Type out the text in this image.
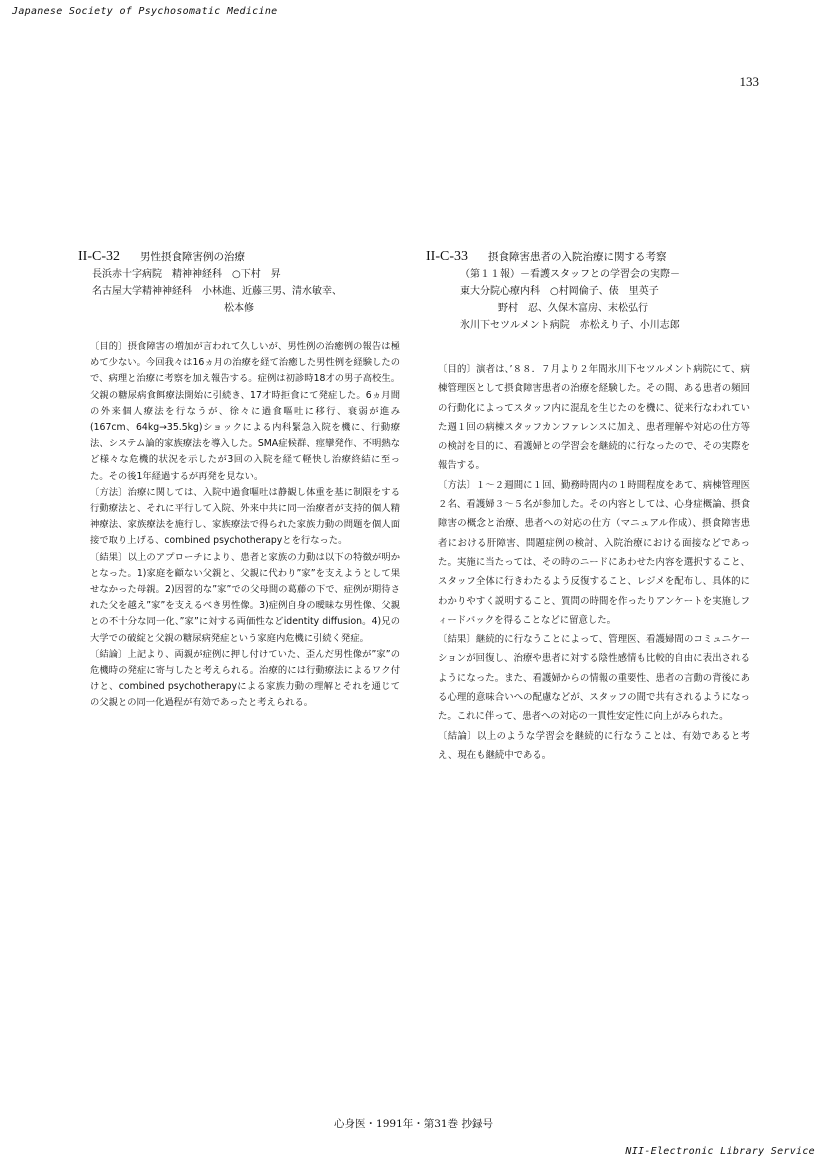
Japanese Society of Psychosomatic Medicine
133
II-C-32 男性摂食障害例の治療
長浜赤十字病院　精神神経科　○下村　昇
名古屋大学精神神経科　小林進、近藤三男、清水敏幸、
松本修

〔目的〕摂食障害の増加が言われて久しいが、男性例の治癒例の報告は極めて少ない。今回我々は16ヵ月の治療を経て治癒した男性例を経験したので、病理と治療に考察を加え報告する。症例は初診時18才の男子高校生。父親の糖尿病食餌療法開始に引続き、17才時拒食にて発症した。6ヵ月間の外来個人療法を行なうが、徐々に過食嘔吐に移行、衰弱が進み(167cm、64kg→35.5kg)ショックによる内科緊急入院を機に、行動療法、システム論的家族療法を導入した。SMA症候群、痙攣発作、不明熱など様々な危機的状況を示したが3回の入院を経て軽快し治療終結に至った。その後1年経過するが再発を見ない。

〔方法〕治療に関しては、入院中過食嘔吐は静観し体重を基に制限をする行動療法と、それに平行して入院、外来中共に同一治療者が支持的個人精神療法、家族療法を施行し、家族療法で得られた家族力動の問題を個人面接で取り上げる、combined psychotherapyとを行なった。

〔結果〕以上のアプローチにより、患者と家族の力動は以下の特徴が明かとなった。1)家庭を顧ない父親と、父親に代わり”家”を支えようとして果せなかった母親。2)因習的な”家”での父母間の葛藤の下で、症例が期待された父を越え”家”を支えるべき男性像。3)症例自身の曖昧な男性像、父親との不十分な同一化、”家”に対する両価性などidentity diffusion。4)兄の大学での破綻と父親の糖尿病発症という家庭内危機に引続く発症。

〔結論〕上記より、両親が症例に押し付けていた、歪んだ男性像が”家”の危機時の発症に寄与したと考えられる。治療的には行動療法によるワク付けと、combined psychotherapyによる家族力動の理解とそれを通じての父親との同一化過程が有効であったと考えられる。

II-C-33 摂食障害患者の入院治療に関する考察
（第１１報）－看護スタッフとの学習会の実際－
東大分院心療内科　○村岡倫子、俵　里英子
野村　忍、久保木富房、末松弘行
氷川下セツルメント病院　赤松えり子、小川志郎

〔目的〕演者は、’８８．７月より２年間氷川下セツルメント病院にて、病棟管理医として摂食障害患者の治療を経験した。その間、ある患者の頻回の行動化によってスタッフ内に混乱を生じたのを機に、従来行なわれていた週１回の病棟スタッフカンファレンスに加え、患者理解や対応の仕方等の検討を目的に、看護婦との学習会を継続的に行なったので、その実際を報告する。

〔方法〕１～２週間に１回、勤務時間内の１時間程度をあて、病棟管理医２名、看護婦３～５名が参加した。その内容としては、心身症概論、摂食障害の概念と治療、患者への対応の仕方（マニュアル作成）、摂食障害患者における肝障害、問題症例の検討、入院治療における面接などであった。実施に当たっては、その時のニードにあわせた内容を選択すること、スタッフ全体に行きわたるよう反復すること、レジメを配布し、具体的にわかりやすく説明すること、質問の時間を作ったりアンケートを実施しフィードバックを得ることなどに留意した。

〔結果〕継続的に行なうことによって、管理医、看護婦間のコミュニケーションが回復し、治療や患者に対する陰性感情も比較的自由に表出されるようになった。また、看護婦からの情報の重要性、患者の言動の背後にある心理的意味合いへの配慮などが、スタッフの間で共有されるようになった。これに伴って、患者への対応の一貫性安定性に向上がみられた。

〔結論〕以上のような学習会を継続的に行なうことは、有効であると考え、現在も継続中である。

心身医・1991年・第31巻 抄録号
NII-Electronic Library Service
